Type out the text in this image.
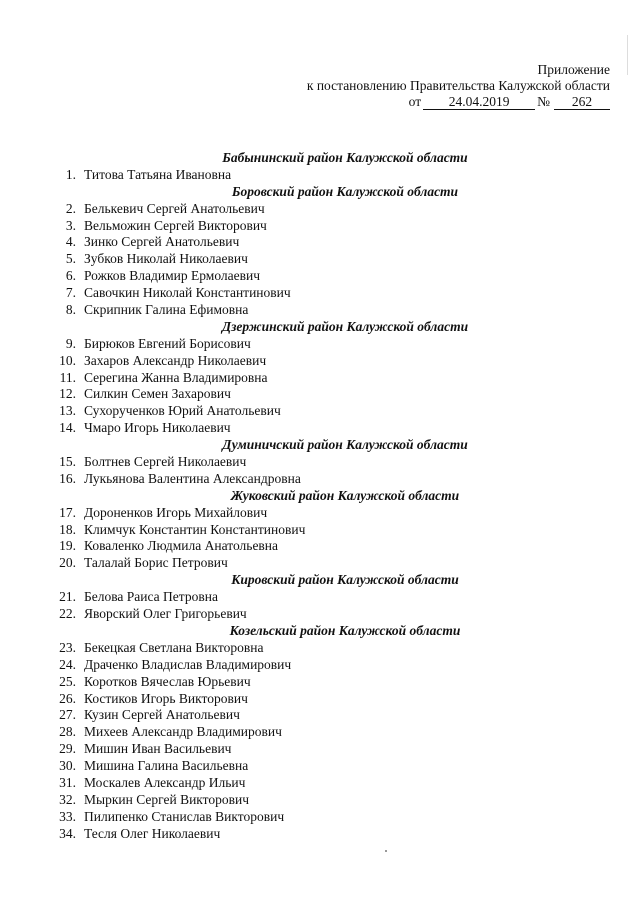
Приложение
к постановлению Правительства Калужской области
от 24.04.2019 № 262
Бабынинский район Калужской области
1. Титова Татьяна Ивановна
Боровский район Калужской области
2. Белькевич Сергей Анатольевич
3. Вельможин Сергей Викторович
4. Зинко Сергей Анатольевич
5. Зубков Николай Николаевич
6. Рожков Владимир Ермолаевич
7. Савочкин Николай Константинович
8. Скрипник Галина Ефимовна
Дзержинский район Калужской области
9. Бирюков Евгений Борисович
10. Захаров Александр Николаевич
11. Серегина Жанна Владимировна
12. Силкин Семен Захарович
13. Сухорученков Юрий Анатольевич
14. Чмаро Игорь Николаевич
Думиничский район Калужской области
15. Болтнев Сергей Николаевич
16. Лукьянова Валентина Александровна
Жуковский район Калужской области
17. Дороненков Игорь Михайлович
18. Климчук Константин Константинович
19. Коваленко Людмила Анатольевна
20. Талалай Борис Петрович
Кировский район Калужской области
21. Белова Раиса Петровна
22. Яворский Олег Григорьевич
Козельский район Калужской области
23. Бекецкая Светлана Викторовна
24. Драченко Владислав Владимирович
25. Коротков Вячеслав Юрьевич
26. Костиков Игорь Викторович
27. Кузин Сергей Анатольевич
28. Михеев Александр Владимирович
29. Мишин Иван Васильевич
30. Мишина Галина Васильевна
31. Москалев Александр Ильич
32. Мыркин Сергей Викторович
33. Пилипенко Станислав Викторович
34. Тесля Олег Николаевич
